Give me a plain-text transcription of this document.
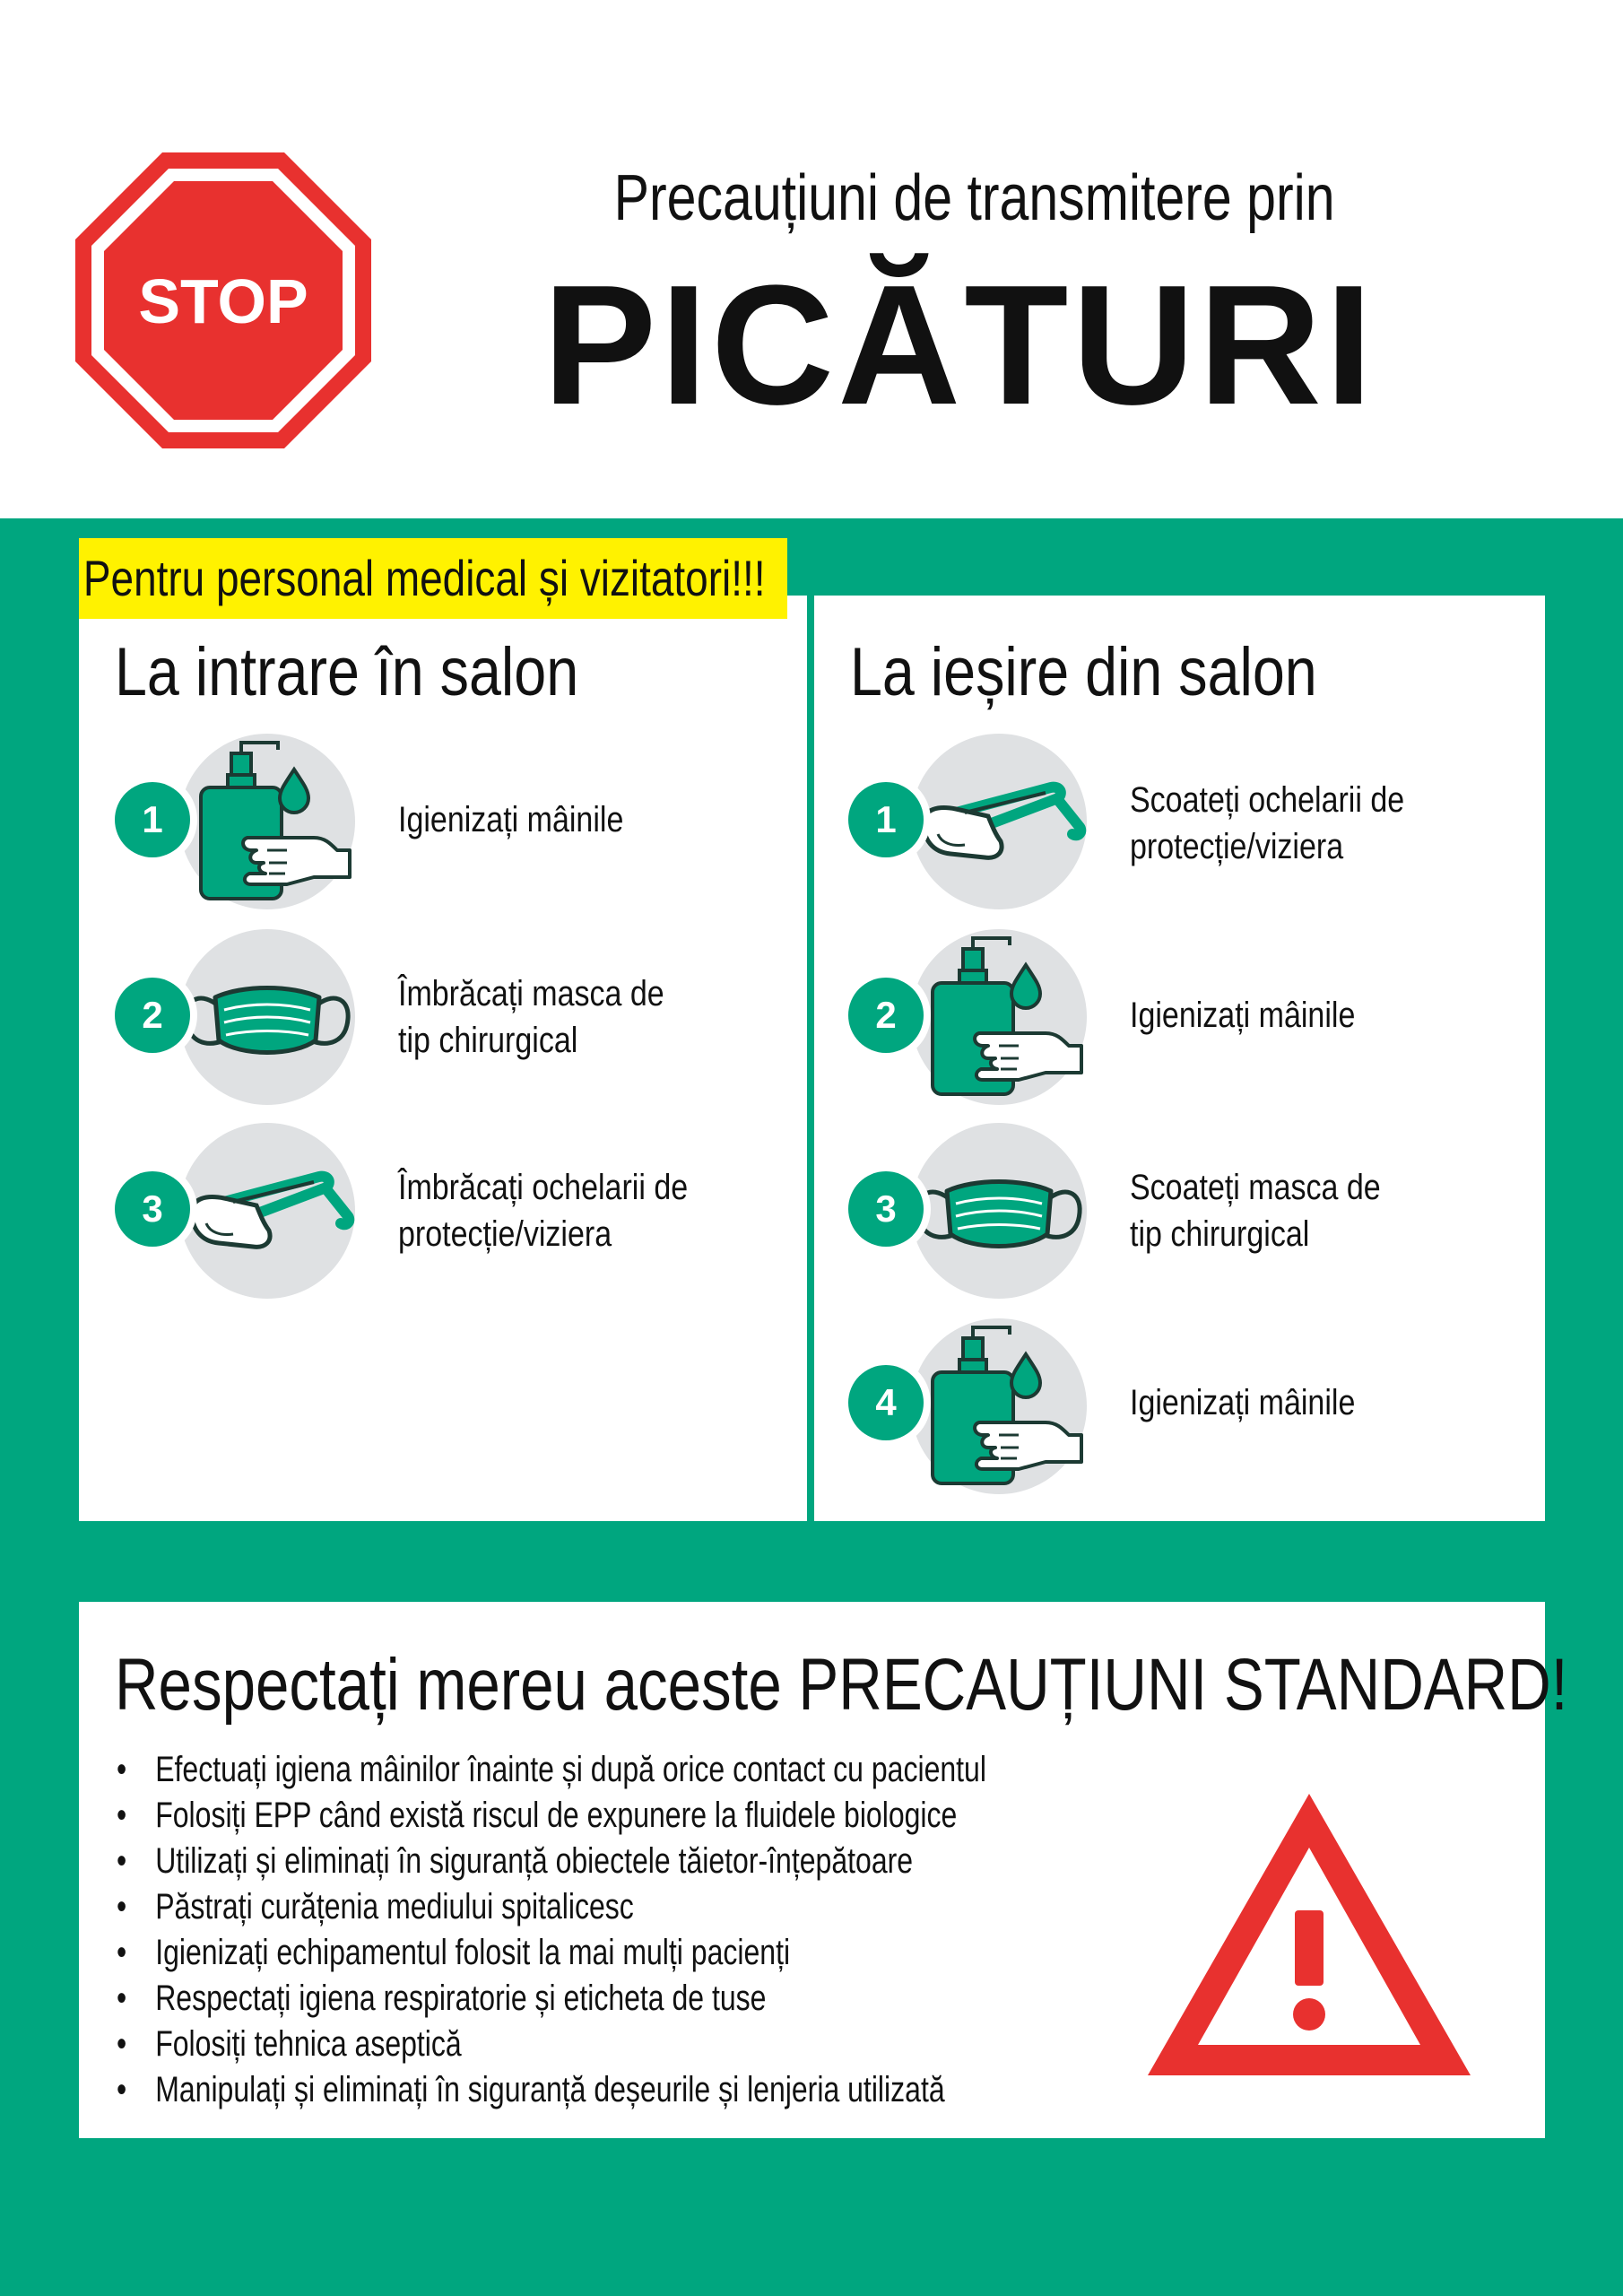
STOP
Precauțiuni de transmitere prin
PICĂTURI
Pentru personal medical și vizitatori!!!
La intrare în salon	La ieșire din salon
1	Igienizați mâinile
2	Îmbrăcați masca de
tip chirurgical
3	Îmbrăcați ochelarii de
protecție/viziera
1	Scoateți ochelarii de
protecție/viziera
2	Igienizați mâinile
3	Scoateți masca de
tip chirurgical
4	Igienizați mâinile
Respectați mereu aceste PRECAUȚIUNI STANDARD!
• Efectuați igiena mâinilor înainte și după orice contact cu pacientul
• Folosiți EPP când există riscul de expunere la fluidele biologice
• Utilizați și eliminați în siguranță obiectele tăietor-înțepătoare
• Păstrați curățenia mediului spitalicesc
• Igienizați echipamentul folosit la mai mulți pacienți
• Respectați igiena respiratorie și eticheta de tuse
• Folosiți tehnica aseptică
• Manipulați și eliminați în siguranță deșeurile și lenjeria utilizată
